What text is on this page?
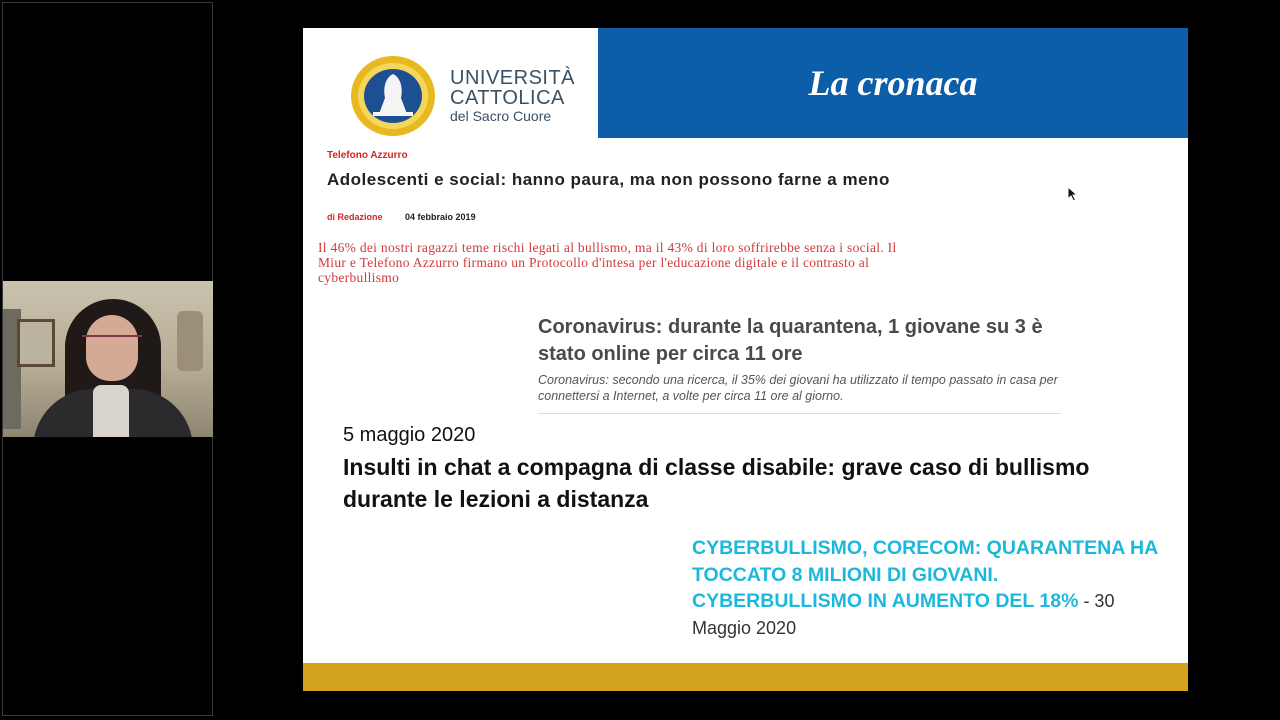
La cronaca
UNIVERSITÀ
CATTOLICA
del Sacro Cuore
Telefono Azzurro
Adolescenti e social: hanno paura, ma non possono farne a meno
di Redazione	04 febbraio 2019
Il 46% dei nostri ragazzi teme rischi legati al bullismo, ma il 43% di loro soffrirebbe senza i social. Il Miur e Telefono Azzurro firmano un Protocollo d'intesa per l'educazione digitale e il contrasto al cyberbullismo
Coronavirus: durante la quarantena, 1 giovane su 3 è stato online per circa 11 ore
Coronavirus: secondo una ricerca, il 35% dei giovani ha utilizzato il tempo passato in casa per connettersi a Internet, a volte per circa 11 ore al giorno.
5 maggio 2020
Insulti in chat a compagna di classe disabile: grave caso di bullismo durante le lezioni a distanza
CYBERBULLISMO, CORECOM: QUARANTENA HA TOCCATO 8 MILIONI DI GIOVANI. CYBERBULLISMO IN AUMENTO DEL 18% - 30 Maggio 2020
